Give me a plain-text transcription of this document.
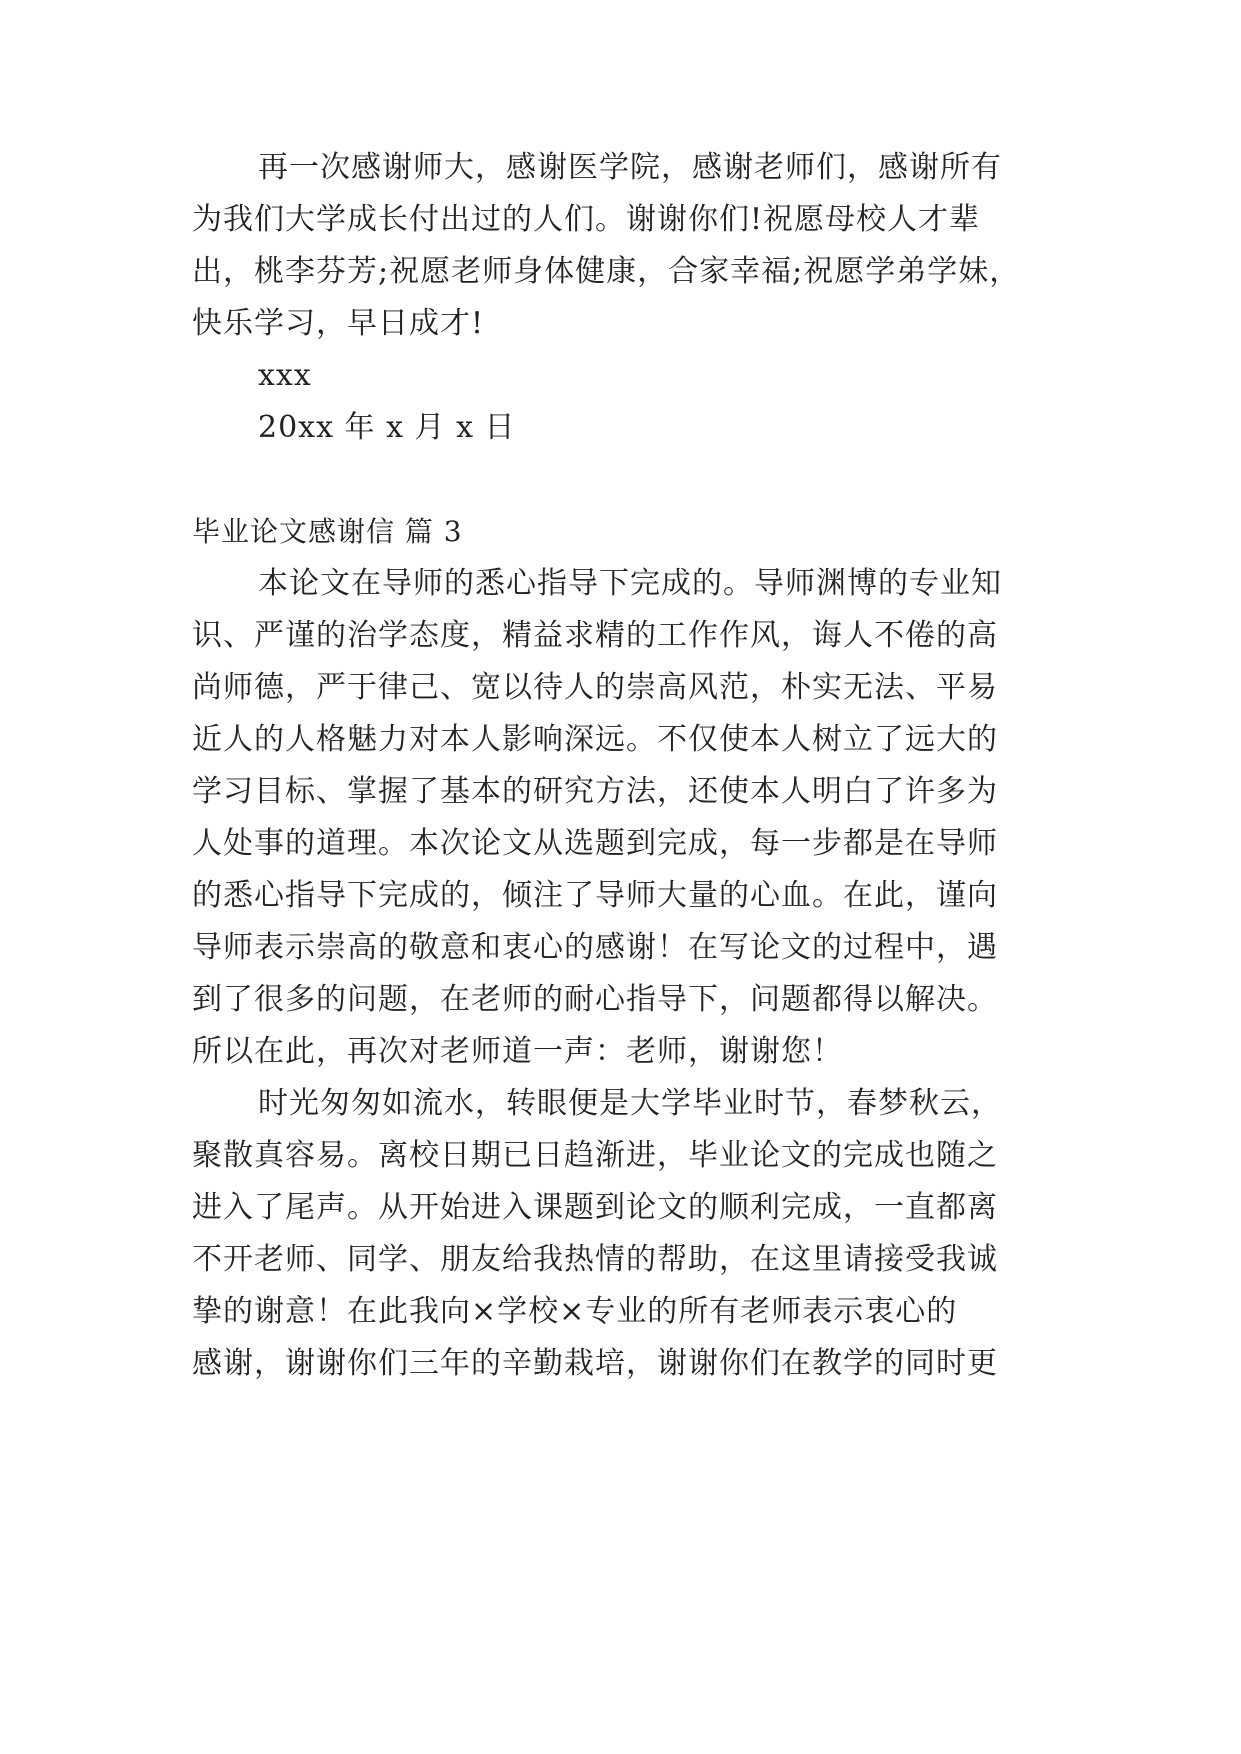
再一次感谢师大，感谢医学院，感谢老师们，感谢所有
为我们大学成长付出过的人们。谢谢你们!祝愿母校人才辈
出，桃李芬芳;祝愿老师身体健康，合家幸福;祝愿学弟学妹，
快乐学习，早日成才!
xxx
20xx 年 x 月 x 日
毕业论文感谢信 篇 3
本论文在导师的悉心指导下完成的。导师渊博的专业知
识、严谨的治学态度，精益求精的工作作风，诲人不倦的高
尚师德，严于律己、宽以待人的崇高风范，朴实无法、平易
近人的人格魅力对本人影响深远。不仅使本人树立了远大的
学习目标、掌握了基本的研究方法，还使本人明白了许多为
人处事的道理。本次论文从选题到完成，每一步都是在导师
的悉心指导下完成的，倾注了导师大量的心血。在此，谨向
导师表示崇高的敬意和衷心的感谢！在写论文的过程中，遇
到了很多的问题，在老师的耐心指导下，问题都得以解决。
所以在此，再次对老师道一声：老师，谢谢您！
时光匆匆如流水，转眼便是大学毕业时节，春梦秋云，
聚散真容易。离校日期已日趋渐进，毕业论文的完成也随之
进入了尾声。从开始进入课题到论文的顺利完成，一直都离
不开老师、同学、朋友给我热情的帮助，在这里请接受我诚
挚的谢意！在此我向×学校×专业的所有老师表示衷心的
感谢，谢谢你们三年的辛勤栽培，谢谢你们在教学的同时更
